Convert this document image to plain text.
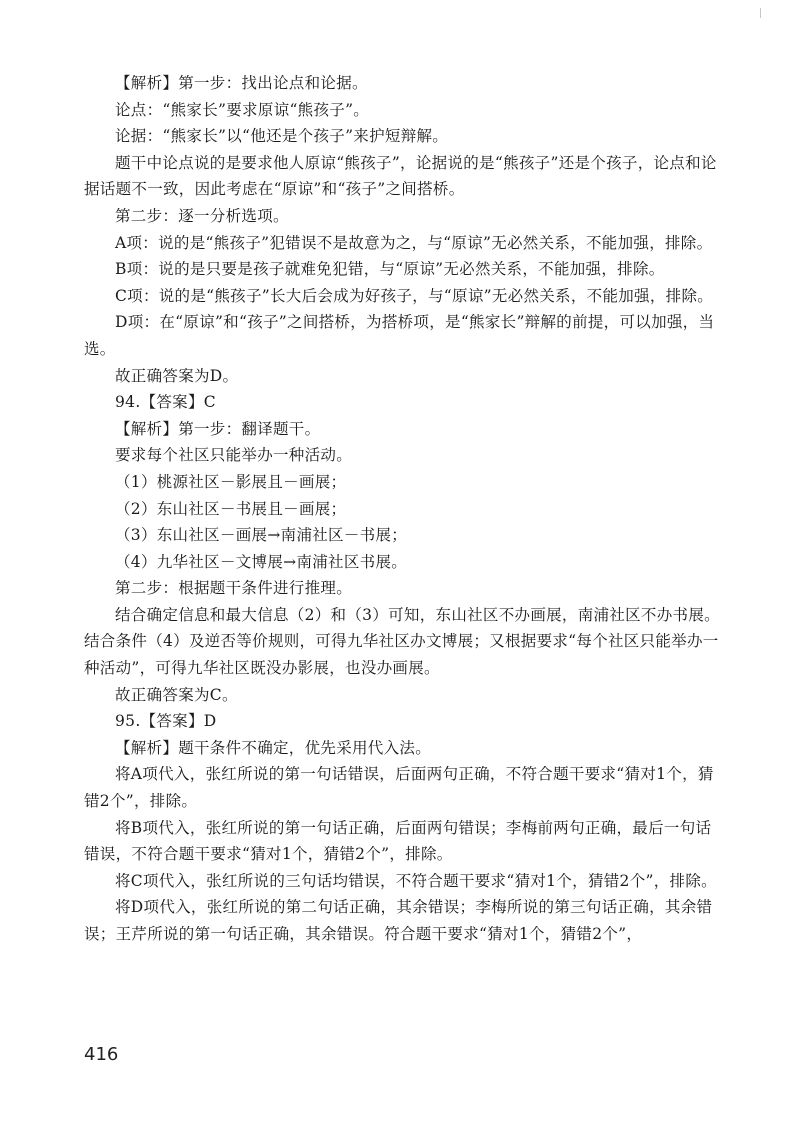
【解析】第一步：找出论点和论据。

论点：“熊家长”要求原谅“熊孩子”。

论据：“熊家长”以“他还是个孩子”来护短辩解。

题干中论点说的是要求他人原谅“熊孩子”，论据说的是“熊孩子”还是个孩子，论点和论据话题不一致，因此考虑在“原谅”和“孩子”之间搭桥。

第二步：逐一分析选项。

A项：说的是“熊孩子”犯错误不是故意为之，与“原谅”无必然关系，不能加强，排除。

B项：说的是只要是孩子就难免犯错，与“原谅”无必然关系，不能加强，排除。

C项：说的是“熊孩子”长大后会成为好孩子，与“原谅”无必然关系，不能加强，排除。

D项：在“原谅”和“孩子”之间搭桥，为搭桥项，是“熊家长”辩解的前提，可以加强，当选。

故正确答案为D。

94.【答案】C

【解析】第一步：翻译题干。

要求每个社区只能举办一种活动。

（1）桃源社区－影展且－画展；

（2）东山社区－书展且－画展；

（3）东山社区－画展→南浦社区－书展；

（4）九华社区－文博展→南浦社区书展。

第二步：根据题干条件进行推理。

结合确定信息和最大信息（2）和（3）可知，东山社区不办画展，南浦社区不办书展。结合条件（4）及逆否等价规则，可得九华社区办文博展；又根据要求“每个社区只能举办一种活动”，可得九华社区既没办影展，也没办画展。

故正确答案为C。

95.【答案】D

【解析】题干条件不确定，优先采用代入法。

将A项代入，张红所说的第一句话错误，后面两句正确，不符合题干要求“猜对1个，猜错2个”，排除。

将B项代入，张红所说的第一句话正确，后面两句错误；李梅前两句正确，最后一句话错误，不符合题干要求“猜对1个，猜错2个”，排除。

将C项代入，张红所说的三句话均错误，不符合题干要求“猜对1个，猜错2个”，排除。

将D项代入，张红所说的第二句话正确，其余错误；李梅所说的第三句话正确，其余错误；王芹所说的第一句话正确，其余错误。符合题干要求“猜对1个，猜错2个”，

416
